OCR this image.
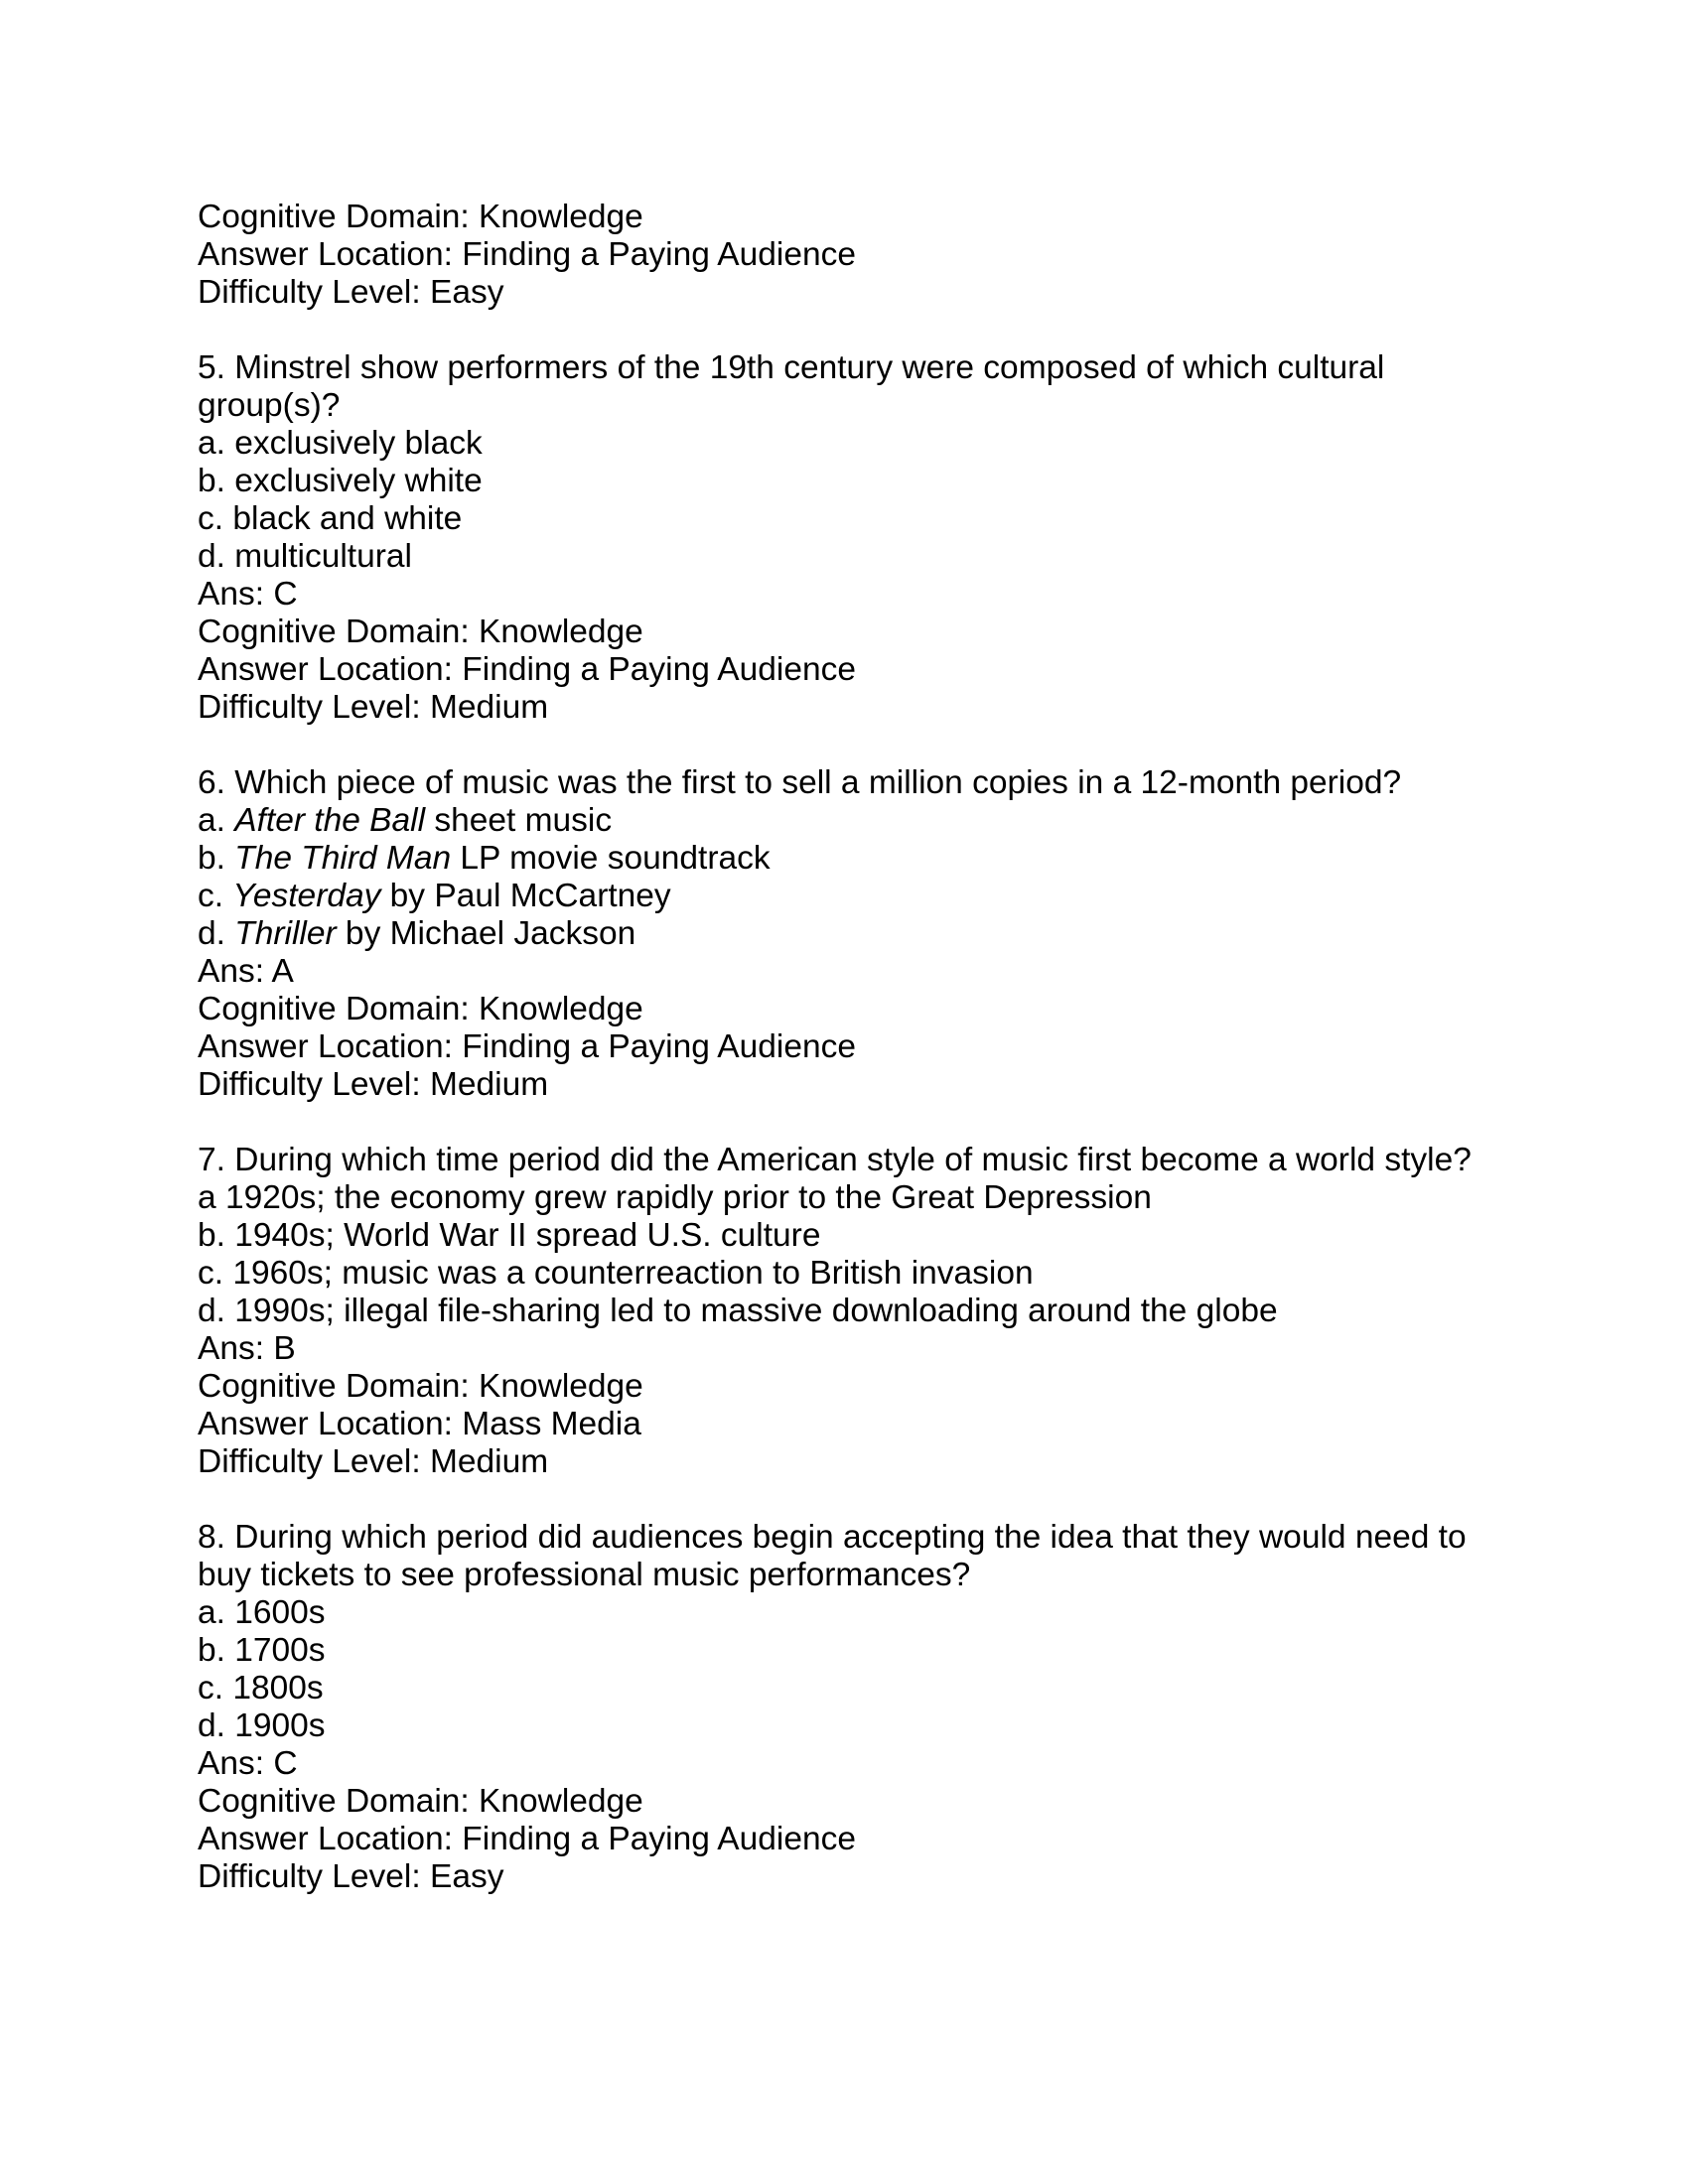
Cognitive Domain: Knowledge

Answer Location: Finding a Paying Audience

Difficulty Level: Easy

5. Minstrel show performers of the 19th century were composed of which cultural

group(s)?

a. exclusively black

b. exclusively white

c. black and white

d. multicultural

Ans: C

Cognitive Domain: Knowledge

Answer Location: Finding a Paying Audience

Difficulty Level: Medium

6. Which piece of music was the first to sell a million copies in a 12-month period?

a. After the Ball sheet music

b. The Third Man LP movie soundtrack

c. Yesterday by Paul McCartney

d. Thriller by Michael Jackson

Ans: A

Cognitive Domain: Knowledge

Answer Location: Finding a Paying Audience

Difficulty Level: Medium

7. During which time period did the American style of music first become a world style?

a 1920s; the economy grew rapidly prior to the Great Depression

b. 1940s; World War II spread U.S. culture

c. 1960s; music was a counterreaction to British invasion

d. 1990s; illegal file-sharing led to massive downloading around the globe

Ans: B

Cognitive Domain: Knowledge

Answer Location: Mass Media

Difficulty Level: Medium

8. During which period did audiences begin accepting the idea that they would need to

buy tickets to see professional music performances?

a. 1600s

b. 1700s

c. 1800s

d. 1900s

Ans: C

Cognitive Domain: Knowledge

Answer Location: Finding a Paying Audience

Difficulty Level: Easy
